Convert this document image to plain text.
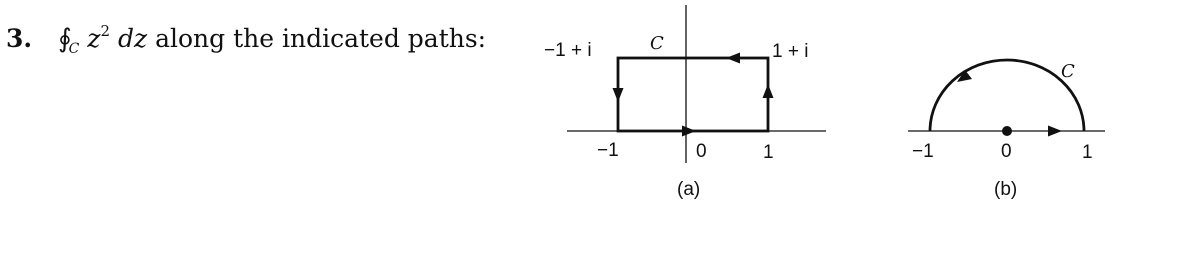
3. $∮_C$ $z^2$ dz along the indicated paths:	−1 + i	1 + i
C
−1	0	1
(a)
C
−1	0	1
(b)
